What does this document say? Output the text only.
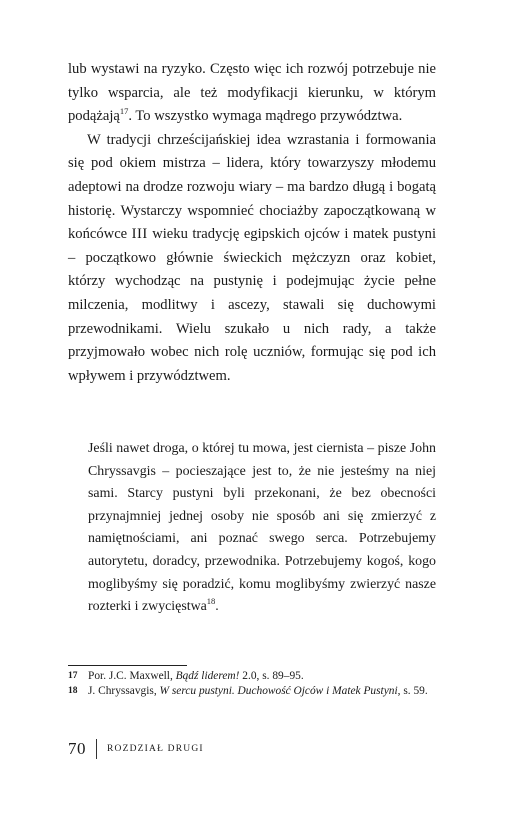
lub wystawi na ryzyko. Często więc ich rozwój potrzebuje nie tylko wsparcia, ale też modyfikacji kierunku, w którym podążają$^{17}$. To wszystko wymaga mądrego przywództwa.

W tradycji chrześcijańskiej idea wzrastania i formowania się pod okiem mistrza – lidera, który towarzyszy młodemu adeptowi na drodze rozwoju wiary – ma bardzo długą i bogatą historię. Wystarczy wspomnieć chociażby zapoczątkowaną w końcówce III wieku tradycję egipskich ojców i matek pustyni – początkowo głównie świeckich mężczyzn oraz kobiet, którzy wychodząc na pustynię i podejmując życie pełne milczenia, modlitwy i ascezy, stawali się duchowymi przewodnikami. Wielu szukało u nich rady, a także przyjmowało wobec nich rolę uczniów, formując się pod ich wpływem i przywództwem.

Jeśli nawet droga, o której tu mowa, jest ciernista – pisze John Chryssavgis – pocieszające jest to, że nie jesteśmy na niej sami. Starcy pustyni byli przekonani, że bez obecności przynajmniej jednej osoby nie sposób ani się zmierzyć z namiętnościami, ani poznać swego serca. Potrzebujemy autorytetu, doradcy, przewodnika. Potrzebujemy kogoś, kogo moglibyśmy się poradzić, komu moglibyśmy zwierzyć nasze rozterki i zwycięstwa$^{18}$.

17 Por. J.C. Maxwell, Bądź liderem! 2.0, s. 89–95.
18 J. Chryssavgis, W sercu pustyni. Duchowość Ojców i Matek Pustyni, s. 59.
70 ROZDZIAŁ DRUGI
